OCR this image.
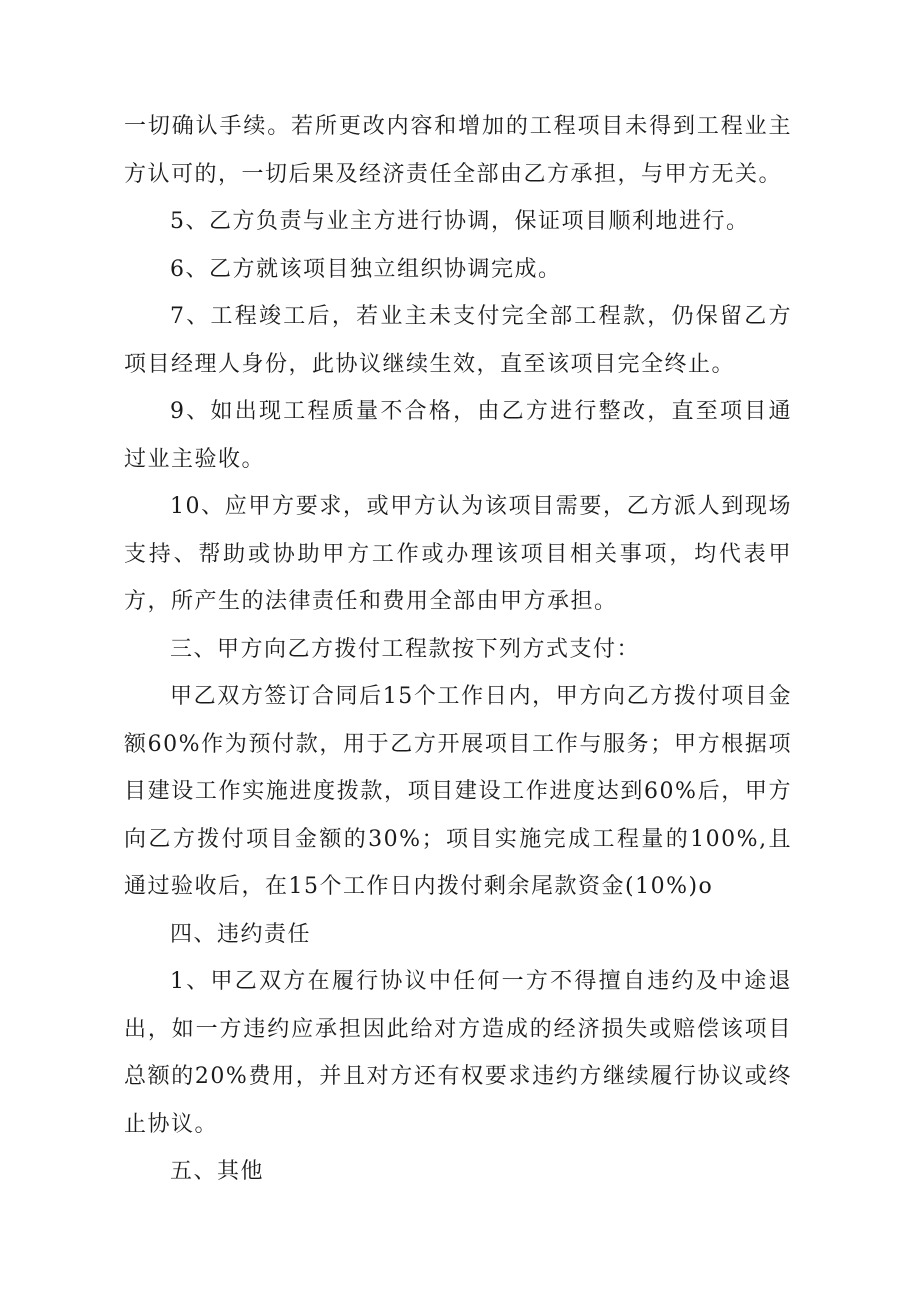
一切确认手续。若所更改内容和增加的工程项目未得到工程业主方认可的，一切后果及经济责任全部由乙方承担，与甲方无关。

5、乙方负责与业主方进行协调，保证项目顺利地进行。

6、乙方就该项目独立组织协调完成。

7、工程竣工后，若业主未支付完全部工程款，仍保留乙方项目经理人身份，此协议继续生效，直至该项目完全终止。

9、如出现工程质量不合格，由乙方进行整改，直至项目通过业主验收。

10、应甲方要求，或甲方认为该项目需要，乙方派人到现场支持、帮助或协助甲方工作或办理该项目相关事项，均代表甲方，所产生的法律责任和费用全部由甲方承担。

三、甲方向乙方拨付工程款按下列方式支付：

甲乙双方签订合同后15个工作日内，甲方向乙方拨付项目金额60%作为预付款，用于乙方开展项目工作与服务；甲方根据项目建设工作实施进度拨款，项目建设工作进度达到60%后，甲方向乙方拨付项目金额的30%；项目实施完成工程量的100%,且通过验收后，在15个工作日内拨付剩余尾款资金(10%)o

四、违约责任

1、甲乙双方在履行协议中任何一方不得擅自违约及中途退出，如一方违约应承担因此给对方造成的经济损失或赔偿该项目总额的20%费用，并且对方还有权要求违约方继续履行协议或终止协议。

五、其他
